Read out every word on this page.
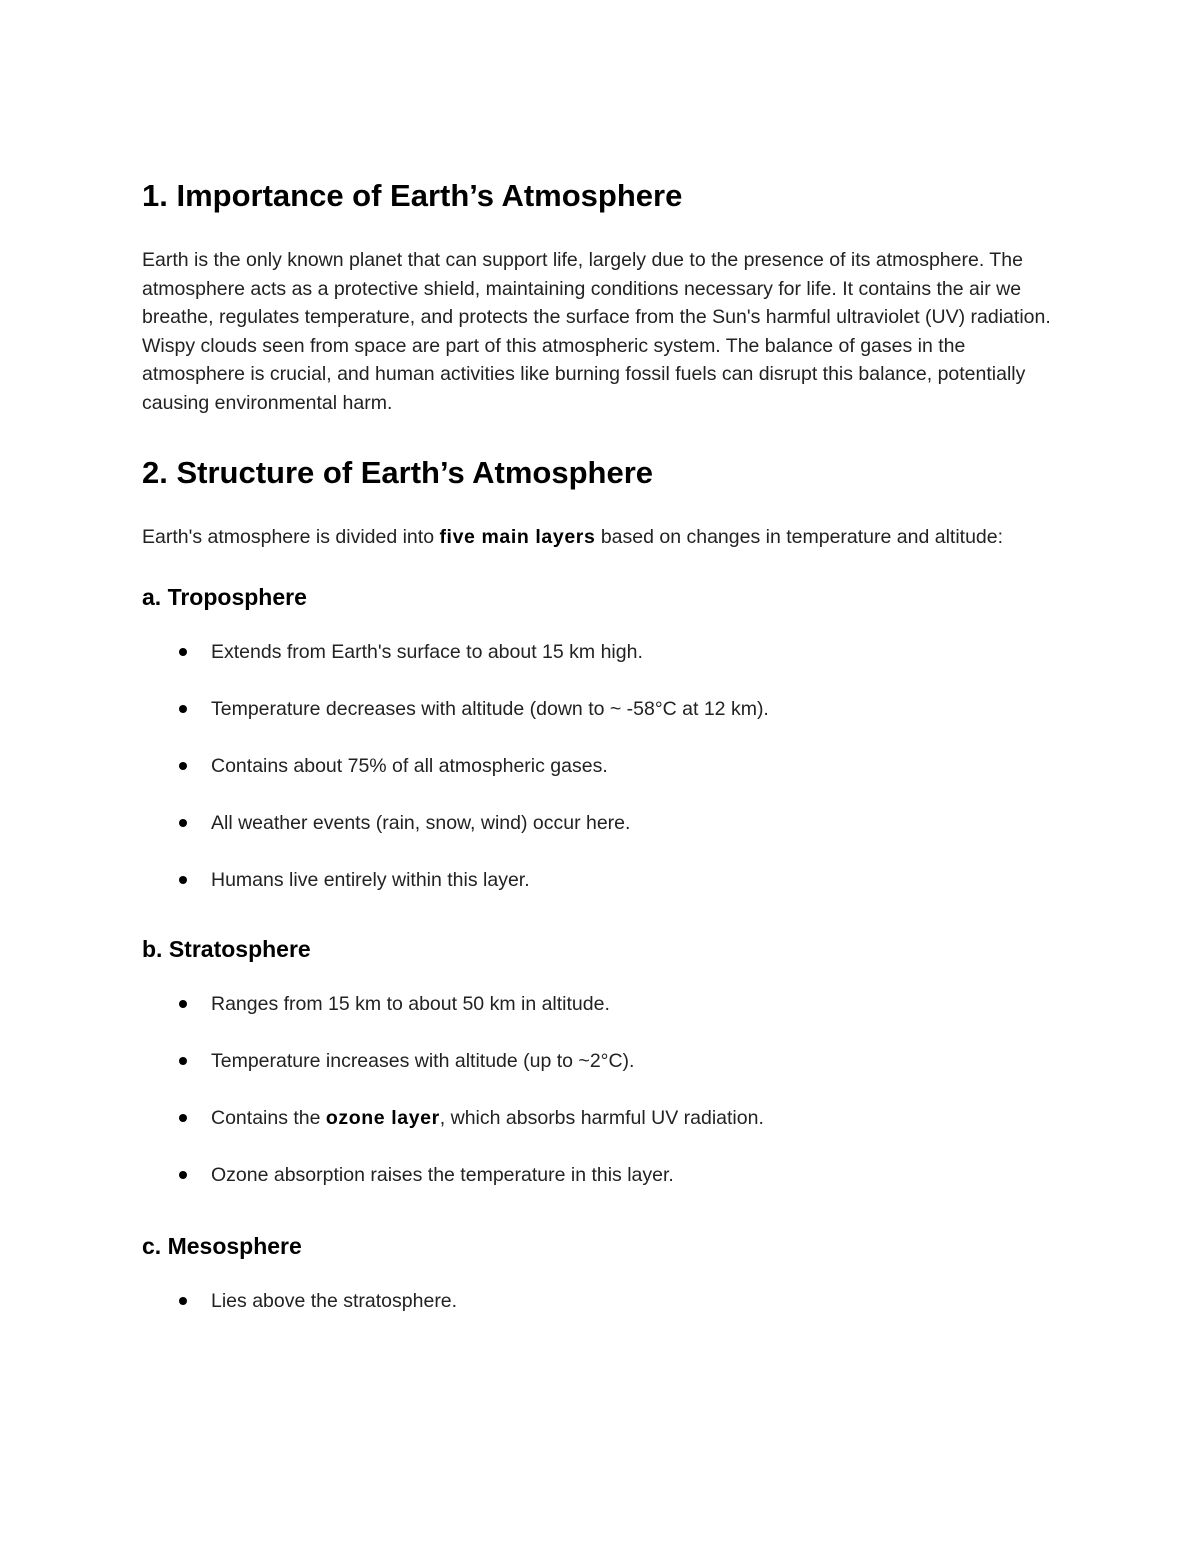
1. Importance of Earth’s Atmosphere

Earth is the only known planet that can support life, largely due to the presence of its atmosphere. The atmosphere acts as a protective shield, maintaining conditions necessary for life. It contains the air we breathe, regulates temperature, and protects the surface from the Sun's harmful ultraviolet (UV) radiation. Wispy clouds seen from space are part of this atmospheric system. The balance of gases in the atmosphere is crucial, and human activities like burning fossil fuels can disrupt this balance, potentially causing environmental harm.

2. Structure of Earth’s Atmosphere

Earth's atmosphere is divided into five main layers based on changes in temperature and altitude:

a. Troposphere
Extends from Earth's surface to about 15 km high.
Temperature decreases with altitude (down to ~ -58°C at 12 km).
Contains about 75% of all atmospheric gases.
All weather events (rain, snow, wind) occur here.
Humans live entirely within this layer.
b. Stratosphere
Ranges from 15 km to about 50 km in altitude.
Temperature increases with altitude (up to ~2°C).
Contains the ozone layer, which absorbs harmful UV radiation.
Ozone absorption raises the temperature in this layer.
c. Mesosphere
Lies above the stratosphere.
